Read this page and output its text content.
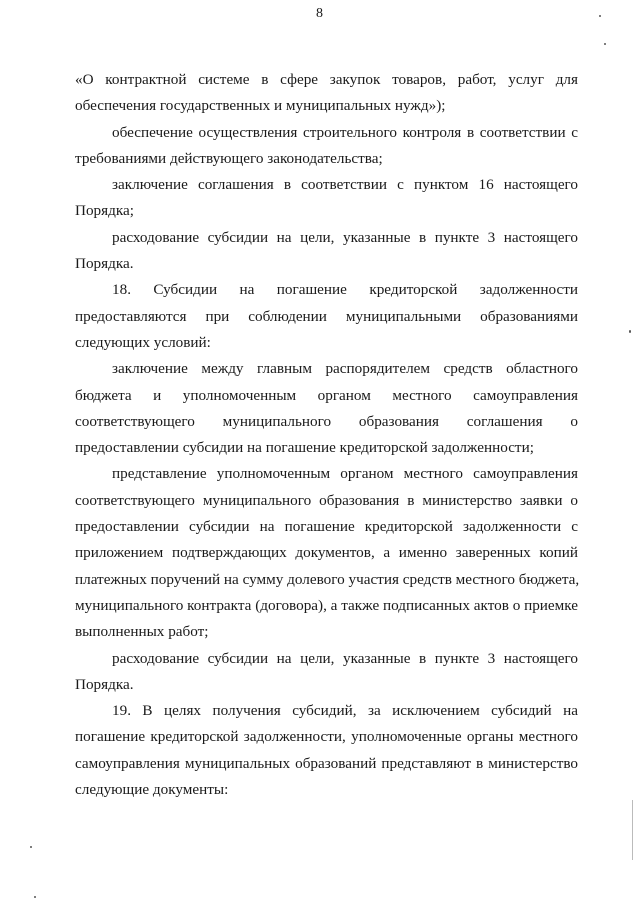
8

«О контрактной системе в сфере закупок товаров, работ, услуг для
обеспечения государственных и муниципальных нужд»);

обеспечение осуществления строительного контроля в соответствии с
требованиями действующего законодательства;

заключение соглашения в соответствии с пунктом 16 настоящего
Порядка;

расходование субсидии на цели, указанные в пункте 3 настоящего
Порядка.

18. Субсидии на погашение кредиторской задолженности
предоставляются при соблюдении муниципальными образованиями
следующих условий:

заключение между главным распорядителем средств областного
бюджета и уполномоченным органом местного самоуправления
соответствующего муниципального образования соглашения о
предоставлении субсидии на погашение кредиторской задолженности;

представление уполномоченным органом местного самоуправления
соответствующего муниципального образования в министерство заявки о
предоставлении субсидии на погашение кредиторской задолженности с
приложением подтверждающих документов, а именно заверенных копий
платежных поручений на сумму долевого участия средств местного бюджета,
муниципального контракта (договора), а также подписанных актов о приемке
выполненных работ;

расходование субсидии на цели, указанные в пункте 3 настоящего
Порядка.

19. В целях получения субсидий, за исключением субсидий на
погашение кредиторской задолженности, уполномоченные органы местного
самоуправления муниципальных образований представляют в министерство
следующие документы:
